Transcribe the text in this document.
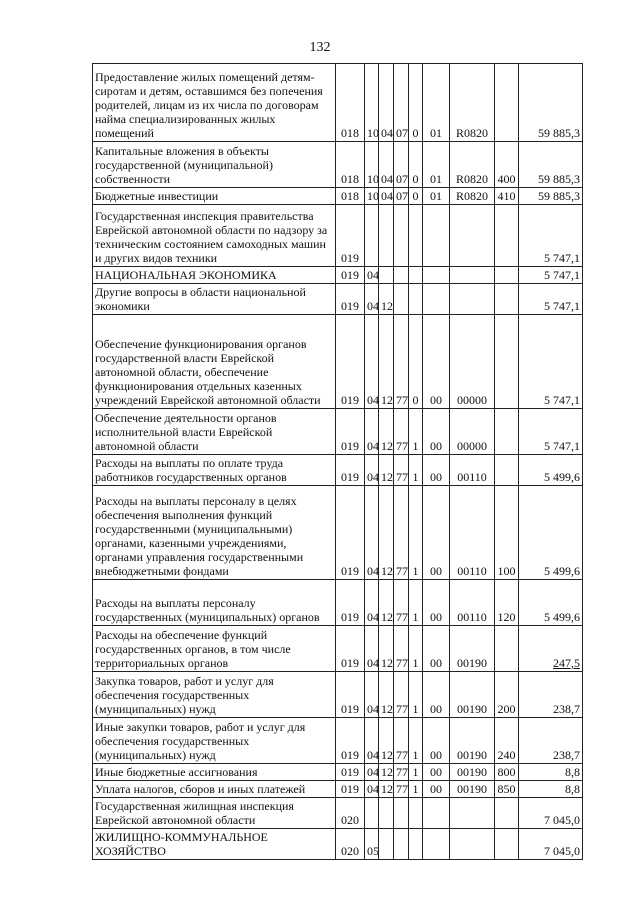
132
Предоставление жилых помещений детям-сиротам и детям, оставшимся без попечения родителей, лицам из их числа по договорам найма специализированных жилых помещений	018	10	04	07	0	01	R0820		59 885,3
Капитальные вложения в объекты государственной (муниципальной) собственности	018	10	04	07	0	01	R0820	400	59 885,3
Бюджетные инвестиции	018	10	04	07	0	01	R0820	410	59 885,3
Государственная инспекция правительства Еврейской автономной области по надзору за техническим состоянием самоходных машин и других видов техники	019								5 747,1
НАЦИОНАЛЬНАЯ ЭКОНОМИКА	019	04							5 747,1
Другие вопросы в области национальной экономики	019	04	12						5 747,1
Обеспечение функционирования органов государственной власти Еврейской автономной области, обеспечение функционирования отдельных казенных учреждений Еврейской автономной области	019	04	12	77	0	00	00000		5 747,1
Обеспечение деятельности органов исполнительной власти Еврейской автономной области	019	04	12	77	1	00	00000		5 747,1
Расходы на выплаты по оплате труда работников государственных органов	019	04	12	77	1	00	00110		5 499,6
Расходы на выплаты персоналу в целях обеспечения выполнения функций государственными (муниципальными) органами, казенными учреждениями, органами управления государственными внебюджетными фондами	019	04	12	77	1	00	00110	100	5 499,6
Расходы на выплаты персоналу государственных (муниципальных) органов	019	04	12	77	1	00	00110	120	5 499,6
Расходы на обеспечение функций государственных органов, в том числе территориальных органов	019	04	12	77	1	00	00190		247,5
Закупка товаров, работ и услуг для обеспечения государственных (муниципальных) нужд	019	04	12	77	1	00	00190	200	238,7
Иные закупки товаров, работ и услуг для обеспечения государственных (муниципальных) нужд	019	04	12	77	1	00	00190	240	238,7
Иные бюджетные ассигнования	019	04	12	77	1	00	00190	800	8,8
Уплата налогов, сборов и иных платежей	019	04	12	77	1	00	00190	850	8,8
Государственная жилищная инспекция Еврейской автономной области	020								7 045,0
ЖИЛИЩНО-КОММУНАЛЬНОЕ ХОЗЯЙСТВО	020	05							7 045,0
